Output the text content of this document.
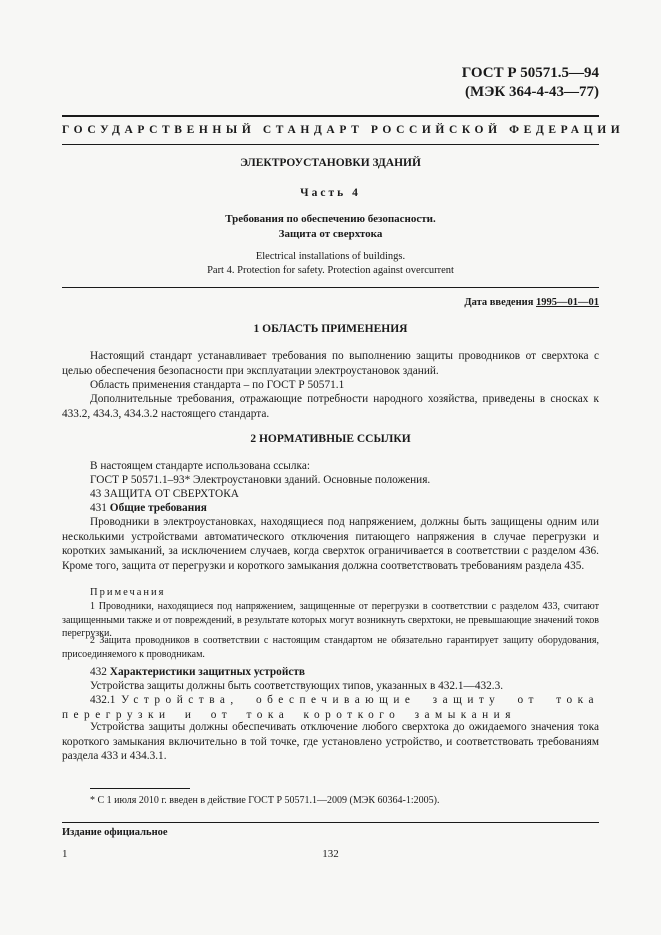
ГОСТ Р 50571.5—94
(МЭК 364-4-43—77)
ГОСУДАРСТВЕННЫЙ СТАНДАРТ РОССИЙСКОЙ ФЕДЕРАЦИИ
ЭЛЕКТРОУСТАНОВКИ ЗДАНИЙ
Часть 4
Требования по обеспечению безопасности.
Защита от сверхтока
Electrical installations of buildings.
Part 4. Protection for safety. Protection against overcurrent
Дата введения 1995—01—01
1 ОБЛАСТЬ ПРИМЕНЕНИЯ
Настоящий стандарт устанавливает требования по выполнению защиты проводников от сверхтока с целью обеспечения безопасности при эксплуатации электроустановок зданий.
Область применения стандарта – по ГОСТ Р 50571.1
Дополнительные требования, отражающие потребности народного хозяйства, приведены в сносках к 433.2, 434.3, 434.3.2 настоящего стандарта.
2 НОРМАТИВНЫЕ ССЫЛКИ
В настоящем стандарте использована ссылка:
ГОСТ Р 50571.1–93* Электроустановки зданий. Основные положения.
43 ЗАЩИТА ОТ СВЕРХТОКА
431 Общие требования
Проводники в электроустановках, находящиеся под напряжением, должны быть защищены одним или несколькими устройствами автоматического отключения питающего напряжения в случае перегрузки и коротких замыканий, за исключением случаев, когда сверхток ограничивается в соответствии с разделом 436. Кроме того, защита от перегрузки и короткого замыкания должна соответствовать требованиям раздела 435.
Примечания
1 Проводники, находящиеся под напряжением, защищенные от перегрузки в соответствии с разделом 433, считают защищенными также и от повреждений, в результате которых могут возникнуть сверхтоки, не превышающие значений токов перегрузки.
2 Защита проводников в соответствии с настоящим стандартом не обязательно гарантирует защиту оборудования, присоединяемого к проводникам.
432 Характеристики защитных устройств
Устройства защиты должны быть соответствующих типов, указанных в 432.1—432.3.
432.1 Устройства, обеспечивающие защиту от тока перегрузки и от тока короткого замыкания
Устройства защиты должны обеспечивать отключение любого сверхтока до ожидаемого значения тока короткого замыкания включительно в той точке, где установлено устройство, и соответствовать требованиям раздела 433 и 434.3.1.
* С 1 июля 2010 г. введен в действие ГОСТ Р 50571.1—2009 (МЭК 60364-1:2005).
Издание официальное
1	132
